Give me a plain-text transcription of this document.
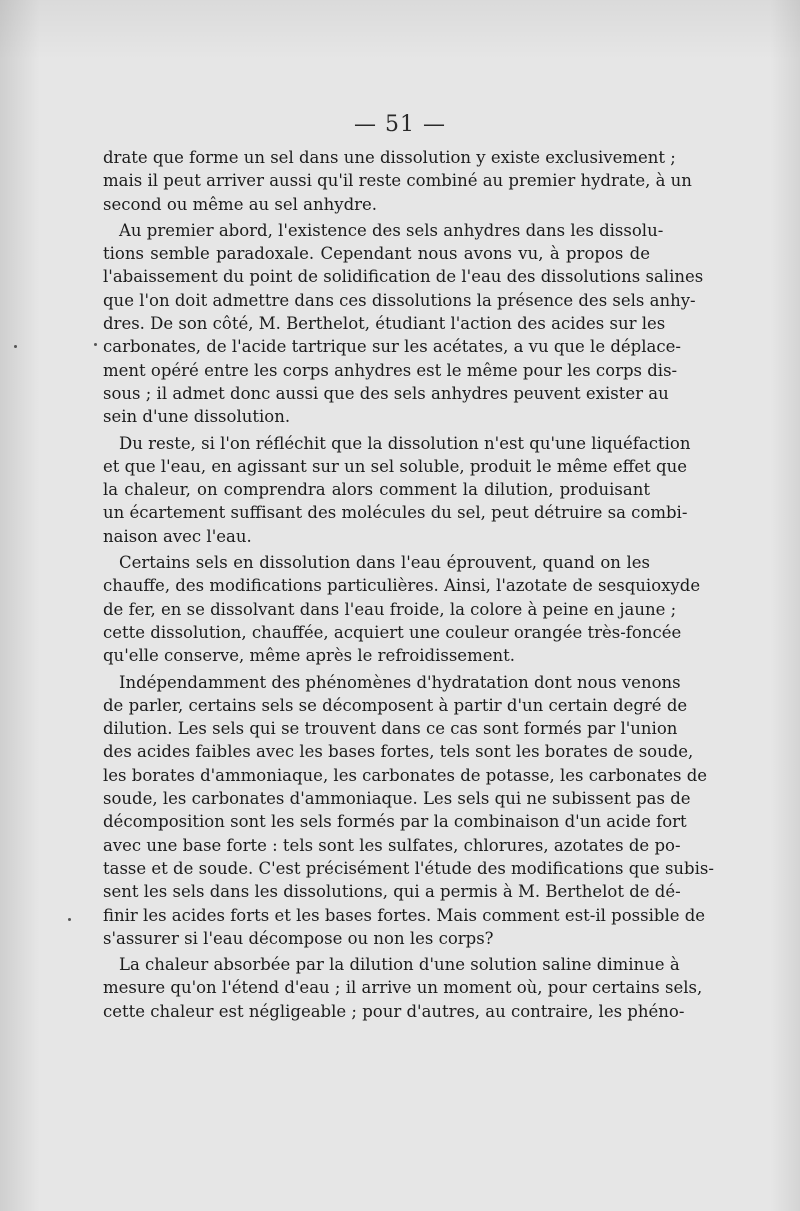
— 51 —
drate que forme un sel dans une dissolution y existe exclusivement ;
mais il peut arriver aussi qu'il reste combiné au premier hydrate, à un
second ou même au sel anhydre.
Au premier abord, l'existence des sels anhydres dans les dissolu-
tions semble paradoxale. Cependant nous avons vu, à propos de
l'abaissement du point de solidification de l'eau des dissolutions salines
que l'on doit admettre dans ces dissolutions la présence des sels anhy-
dres. De son côté, M. Berthelot, étudiant l'action des acides sur les
carbonates, de l'acide tartrique sur les acétates, a vu que le déplace-
ment opéré entre les corps anhydres est le même pour les corps dis-
sous ; il admet donc aussi que des sels anhydres peuvent exister au
sein d'une dissolution.
Du reste, si l'on réfléchit que la dissolution n'est qu'une liquéfaction
et que l'eau, en agissant sur un sel soluble, produit le même effet que
la chaleur, on comprendra alors comment la dilution, produisant
un écartement suffisant des molécules du sel, peut détruire sa combi-
naison avec l'eau.
Certains sels en dissolution dans l'eau éprouvent, quand on les
chauffe, des modifications particulières. Ainsi, l'azotate de sesquioxyde
de fer, en se dissolvant dans l'eau froide, la colore à peine en jaune ;
cette dissolution, chauffée, acquiert une couleur orangée très-foncée
qu'elle conserve, même après le refroidissement.
Indépendamment des phénomènes d'hydratation dont nous venons
de parler, certains sels se décomposent à partir d'un certain degré de
dilution. Les sels qui se trouvent dans ce cas sont formés par l'union
des acides faibles avec les bases fortes, tels sont les borates de soude,
les borates d'ammoniaque, les carbonates de potasse, les carbonates de
soude, les carbonates d'ammoniaque. Les sels qui ne subissent pas de
décomposition sont les sels formés par la combinaison d'un acide fort
avec une base forte : tels sont les sulfates, chlorures, azotates de po-
tasse et de soude. C'est précisément l'étude des modifications que subis-
sent les sels dans les dissolutions, qui a permis à M. Berthelot de dé-
finir les acides forts et les bases fortes. Mais comment est-il possible de
s'assurer si l'eau décompose ou non les corps?
La chaleur absorbée par la dilution d'une solution saline diminue à
mesure qu'on l'étend d'eau ; il arrive un moment où, pour certains sels,
cette chaleur est négligeable ; pour d'autres, au contraire, les phéno-
